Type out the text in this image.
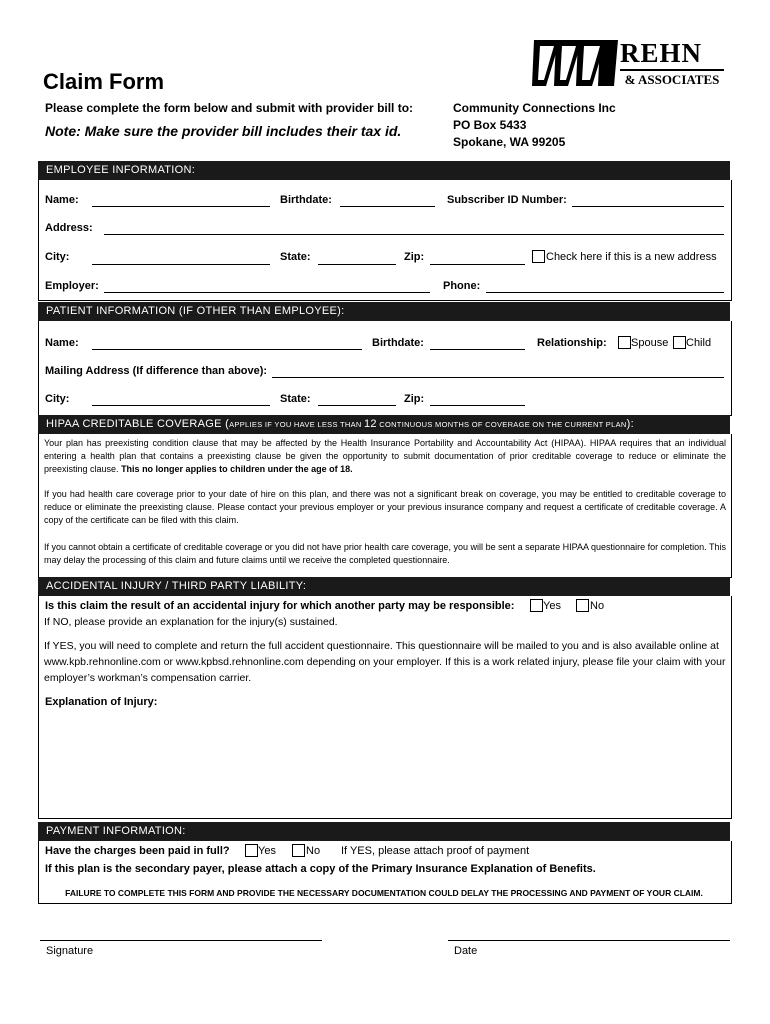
REHN
& ASSOCIATES
Claim Form
Please complete the form below and submit with provider bill to:
Note: Make sure the provider bill includes their tax id.
Community Connections Inc
PO Box 5433
Spokane, WA 99205
EMPLOYEE INFORMATION:
Name:	Birthdate:	Subscriber ID Number:
Address:
City:	State:	Zip:	Check here if this is a new address
Employer:	Phone:
PATIENT INFORMATION (IF OTHER THAN EMPLOYEE):
Name:	Birthdate:	Relationship: Spouse Child
Mailing Address (If difference than above):
City:	State:	Zip:
HIPAA CREDITABLE COVERAGE (APPLIES IF YOU HAVE LESS THAN 12 CONTINUOUS MONTHS OF COVERAGE ON THE CURRENT PLAN):
Your plan has preexisting condition clause that may be affected by the Health Insurance Portability and Accountability Act (HIPAA). HIPAA requires that an individual entering a health plan that contains a preexisting clause be given the opportunity to submit documentation of prior creditable coverage to reduce or eliminate the preexisting clause. This no longer applies to children under the age of 18.
If you had health care coverage prior to your date of hire on this plan, and there was not a significant break on coverage, you may be entitled to creditable coverage to reduce or eliminate the preexisting clause. Please contact your previous employer or your previous insurance company and request a certificate of creditable coverage. A copy of the certificate can be filed with this claim.
If you cannot obtain a certificate of creditable coverage or you did not have prior health care coverage, you will be sent a separate HIPAA questionnaire for completion. This may delay the processing of this claim and future claims until we receive the completed questionnaire.
ACCIDENTAL INJURY / THIRD PARTY LIABILITY:
Is this claim the result of an accidental injury for which another party may be responsible:	Yes	No
If NO, please provide an explanation for the injury(s) sustained.
If YES, you will need to complete and return the full accident questionnaire. This questionnaire will be mailed to you and is also available online at www.kpb.rehnonline.com or www.kpbsd.rehnonline.com depending on your employer. If this is a work related injury, please file your claim with your employer’s workman’s compensation carrier.
Explanation of Injury:
PAYMENT INFORMATION:
Have the charges been paid in full?	Yes	No If YES, please attach proof of payment
If this plan is the secondary payer, please attach a copy of the Primary Insurance Explanation of Benefits.
FAILURE TO COMPLETE THIS FORM AND PROVIDE THE NECESSARY DOCUMENTATION COULD DELAY THE PROCESSING AND PAYMENT OF YOUR CLAIM.
Signature	Date
